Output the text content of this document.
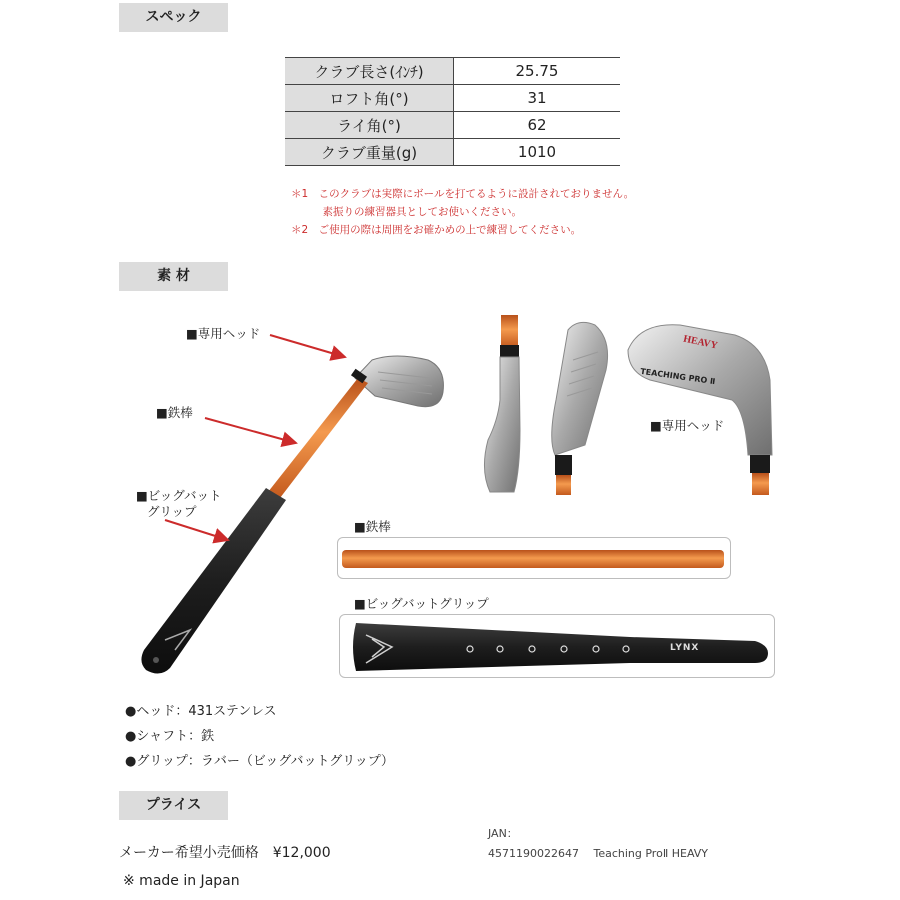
スペック
素 材
プライス
クラブ長さ(ｲﾝﾁ)	25.75
ロフト角(°)	31
ライ角(°)	62
クラブ重量(g)	1010
＊1　このクラブは実際にボールを打てるように設計されておりません。
　　　素振りの練習器具としてお使いください。
＊2　ご使用の際は周囲をお確かめの上で練習してください。
HEAVY
TEACHING PRO Ⅱ
■専用ヘッド
■鉄棒
■ビッグバット
グリップ
■専用ヘッド
■鉄棒
■ビッグバットグリップ
LYNX
●ヘッド：431ステンレス
●シャフト：鉄
●グリップ：ラバー（ビッグバットグリップ）
メーカー希望小売価格　¥12,000
JAN：
4571190022647　 Teaching ProⅡ HEAVY
※ made in Japan
